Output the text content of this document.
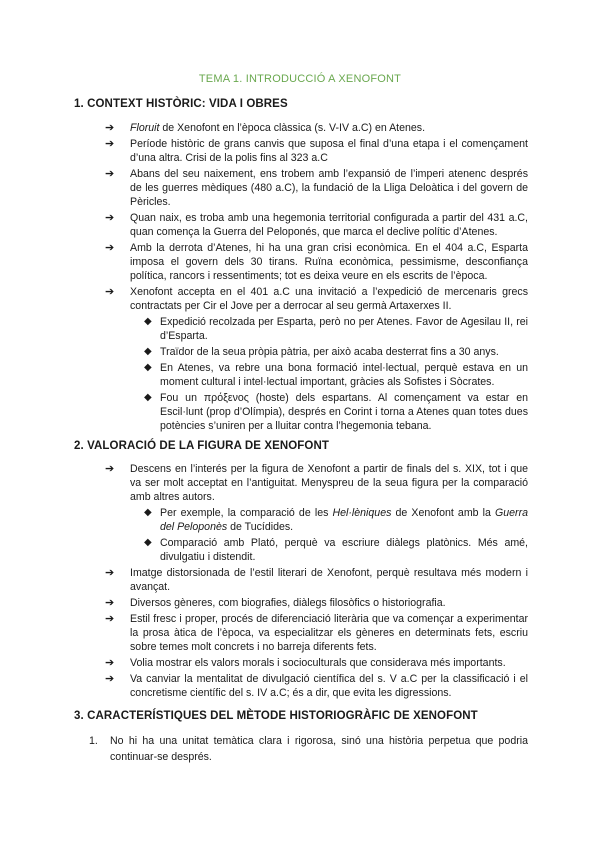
TEMA 1. INTRODUCCIÓ A XENOFONT
1. CONTEXT HISTÒRIC: VIDA I OBRES
➔ Floruit de Xenofont en l’època clàssica (s. V-IV a.C) en Atenes.
➔ Període històric de grans canvis que suposa el final d’una etapa i el començament d’una altra. Crisi de la polis fins al 323 a.C
➔ Abans del seu naixement, ens trobem amb l’expansió de l’imperi atenenc després de les guerres mèdiques (480 a.C), la fundació de la Lliga Deloàtica i del govern de Pèricles.
➔ Quan naix, es troba amb una hegemonia territorial configurada a partir del 431 a.C, quan comença la Guerra del Peloponés, que marca el declive polític d’Atenes.
➔ Amb la derrota d’Atenes, hi ha una gran crisi econòmica. En el 404 a.C, Esparta imposa el govern dels 30 tirans. Ruïna econòmica, pessimisme, desconfiança política, rancors i ressentiments; tot es deixa veure en els escrits de l’època.
➔ Xenofont accepta en el 401 a.C una invitació a l’expedició de mercenaris grecs contractats per Cir el Jove per a derrocar al seu germà Artaxerxes II.
◆ Expedició recolzada per Esparta, però no per Atenes. Favor de Agesilau II, rei d’Esparta.
◆ Traïdor de la seua pròpia pàtria, per això acaba desterrat fins a 30 anys.
◆ En Atenes, va rebre una bona formació intel·lectual, perquè estava en un moment cultural i intel·lectual important, gràcies als Sofistes i Sòcrates.
◆ Fou un πρόξενος (hoste) dels espartans. Al començament va estar en Escil·lunt (prop d’Olímpia), després en Corint i torna a Atenes quan totes dues potències s’uniren per a lluitar contra l’hegemonia tebana.
2. VALORACIÓ DE LA FIGURA DE XENOFONT
➔ Descens en l’interés per la figura de Xenofont a partir de finals del s. XIX, tot i que va ser molt acceptat en l’antiguitat. Menyspreu de la seua figura per la comparació amb altres autors.
◆ Per exemple, la comparació de les Hel·lèniques de Xenofont amb la Guerra del Peloponès de Tucídides.
◆ Comparació amb Plató, perquè va escriure diàlegs platònics. Més amé, divulgatiu i distendit.
➔ Imatge distorsionada de l’estil literari de Xenofont, perquè resultava més modern i avançat.
➔ Diversos gèneres, com biografies, diàlegs filosòfics o historiografia.
➔ Estil fresc i proper, procés de diferenciació literària que va començar a experimentar la prosa àtica de l’època, va especialitzar els gèneres en determinats fets, escriu sobre temes molt concrets i no barreja diferents fets.
➔ Volia mostrar els valors morals i socioculturals que considerava més importants.
➔ Va canviar la mentalitat de divulgació científica del s. V a.C per la classificació i el concretisme científic del s. IV a.C; és a dir, que evita les digressions.
3. CARACTERÍSTIQUES DEL MÈTODE HISTORIOGRÀFIC DE XENOFONT
1. No hi ha una unitat temàtica clara i rigorosa, sinó una història perpetua que podria continuar-se després.
